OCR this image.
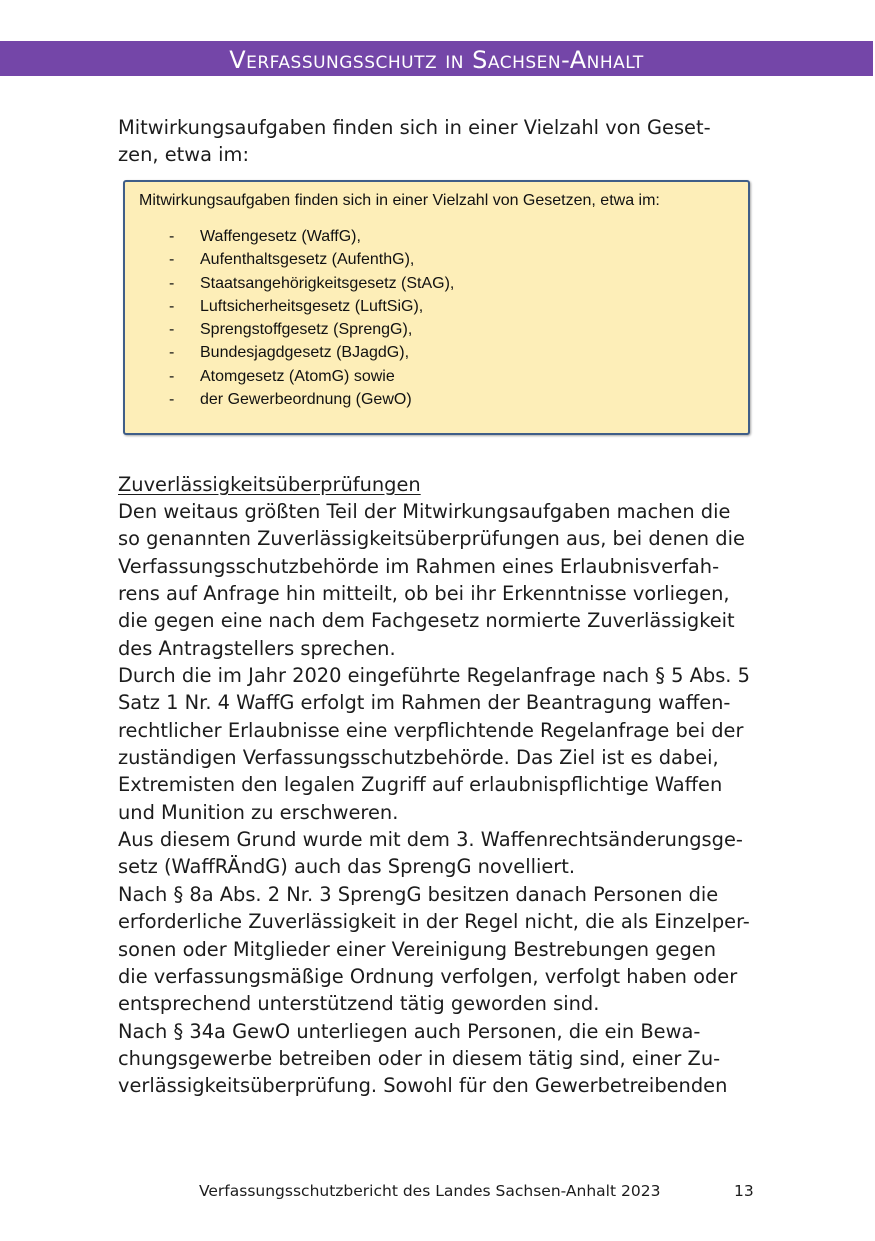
Verfassungsschutz in Sachsen-Anhalt

Mitwirkungsaufgaben finden sich in einer Vielzahl von Geset-
zen, etwa im:

Mitwirkungsaufgaben finden sich in einer Vielzahl von Gesetzen, etwa im:
-	Waffengesetz (WaffG),
-	Aufenthaltsgesetz (AufenthG),
-	Staatsangehörigkeitsgesetz (StAG),
-	Luftsicherheitsgesetz (LuftSiG),
-	Sprengstoffgesetz (SprengG),
-	Bundesjagdgesetz (BJagdG),
-	Atomgesetz (AtomG) sowie
-	der Gewerbeordnung (GewO)
Zuverlässigkeitsüberprüfungen

Den weitaus größten Teil der Mitwirkungsaufgaben machen die
so genannten Zuverlässigkeitsüberprüfungen aus, bei denen die
Verfassungsschutzbehörde im Rahmen eines Erlaubnisverfah-
rens auf Anfrage hin mitteilt, ob bei ihr Erkenntnisse vorliegen,
die gegen eine nach dem Fachgesetz normierte Zuverlässigkeit
des Antragstellers sprechen.
Durch die im Jahr 2020 eingeführte Regelanfrage nach § 5 Abs. 5
Satz 1 Nr. 4 WaffG erfolgt im Rahmen der Beantragung waffen-
rechtlicher Erlaubnisse eine verpflichtende Regelanfrage bei der
zuständigen Verfassungsschutzbehörde. Das Ziel ist es dabei,
Extremisten den legalen Zugriff auf erlaubnispflichtige Waffen
und Munition zu erschweren.
Aus diesem Grund wurde mit dem 3. Waffenrechtsänderungsge-
setz (WaffRÄndG) auch das SprengG novelliert.
Nach § 8a Abs. 2 Nr. 3 SprengG besitzen danach Personen die
erforderliche Zuverlässigkeit in der Regel nicht, die als Einzelper-
sonen oder Mitglieder einer Vereinigung Bestrebungen gegen
die verfassungsmäßige Ordnung verfolgen, verfolgt haben oder
entsprechend unterstützend tätig geworden sind.
Nach § 34a GewO unterliegen auch Personen, die ein Bewa-
chungsgewerbe betreiben oder in diesem tätig sind, einer Zu-
verlässigkeitsüberprüfung. Sowohl für den Gewerbetreibenden

Verfassungsschutzbericht des Landes Sachsen-Anhalt 2023	13
